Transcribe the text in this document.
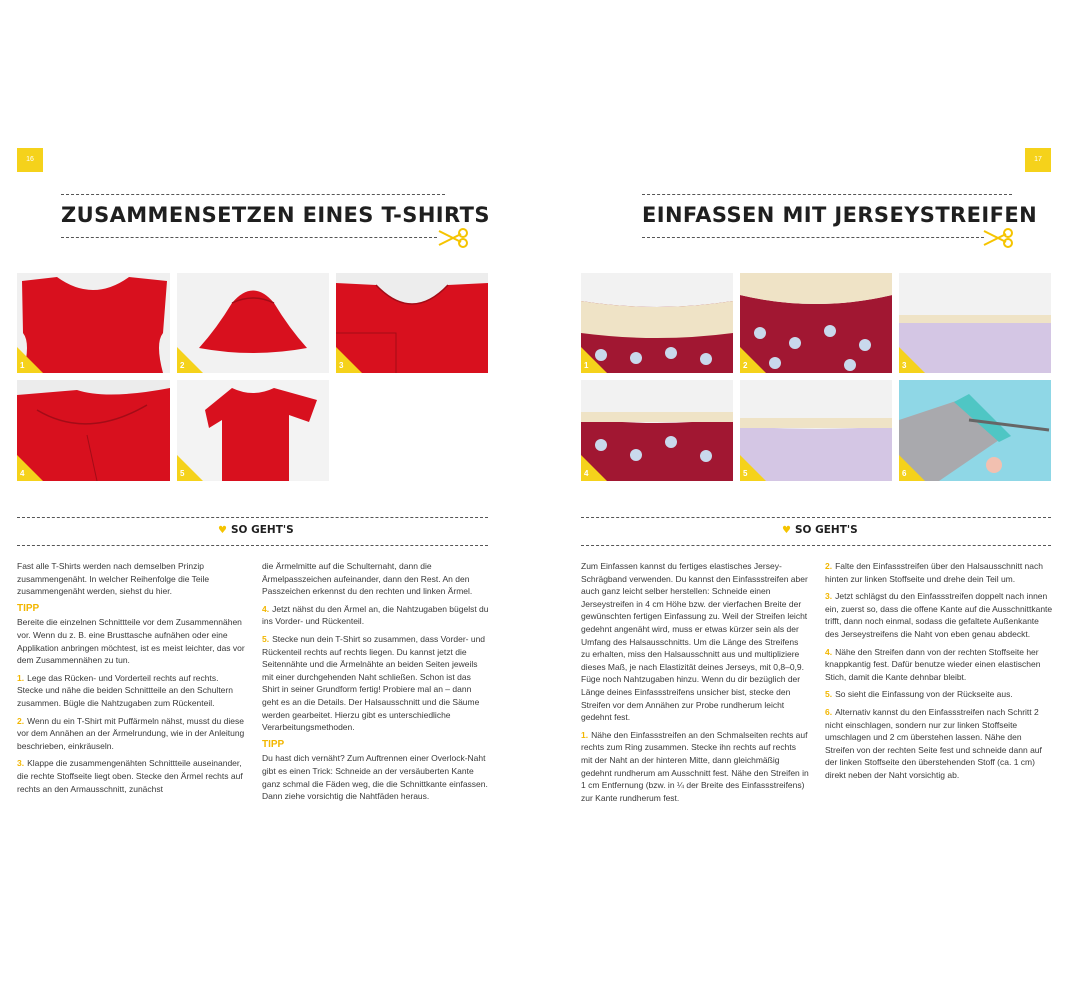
16
ZUSAMMENSETZEN EINES T-SHIRTS
1	2	3
4	5
♥ SO GEHT'S

Fast alle T-Shirts werden nach demselben Prinzip zusammengenäht. In welcher Reihenfolge die Teile zusammengenäht werden, siehst du hier.

TIPP

Bereite die einzelnen Schnittteile vor dem Zusammennähen vor. Wenn du z. B. eine Brusttasche aufnähen oder eine Applikation anbringen möchtest, ist es meist leichter, das vor dem Zusammennähen zu tun.

1. Lege das Rücken- und Vorderteil rechts auf rechts. Stecke und nähe die beiden Schnittteile an den Schultern zusammen. Bügle die Nahtzugaben zum Rückenteil.

2. Wenn du ein T-Shirt mit Puffärmeln nähst, musst du diese vor dem Annähen an der Ärmelrundung, wie in der Anleitung beschrieben, einkräuseln.

3. Klappe die zusammengenähten Schnittteile auseinander, die rechte Stoffseite liegt oben. Stecke den Ärmel rechts auf rechts an den Armausschnitt, zunächst

die Ärmelmitte auf die Schulternaht, dann die Ärmelpasszeichen aufeinander, dann den Rest. An den Passzeichen erkennst du den rechten und linken Ärmel.

4. Jetzt nähst du den Ärmel an, die Nahtzugaben bügelst du ins Vorder- und Rückenteil.

5. Stecke nun dein T-Shirt so zusammen, dass Vorder- und Rückenteil rechts auf rechts liegen. Du kannst jetzt die Seitennähte und die Ärmelnähte an beiden Seiten jeweils mit einer durchgehenden Naht schließen. Schon ist das Shirt in seiner Grundform fertig! Probiere mal an – dann geht es an die Details. Der Halsausschnitt und die Säume werden gearbeitet. Hierzu gibt es unterschiedliche Verarbeitungsmethoden.

TIPP

Du hast dich vernäht? Zum Auftrennen einer Overlock-Naht gibt es einen Trick: Schneide an der versäuberten Kante ganz schmal die Fäden weg, die die Schnittkante einfassen. Dann ziehe vorsichtig die Nahtfäden heraus.

17
EINFASSEN MIT JERSEYSTREIFEN
1	2	3
4	5	6
♥ SO GEHT'S

Zum Einfassen kannst du fertiges elastisches Jersey-Schrägband verwenden. Du kannst den Einfassstreifen aber auch ganz leicht selber herstellen: Schneide einen Jerseystreifen in 4 cm Höhe bzw. der vierfachen Breite der gewünschten fertigen Einfassung zu. Weil der Streifen leicht gedehnt angenäht wird, muss er etwas kürzer sein als der Umfang des Halsausschnitts. Um die Länge des Streifens zu erhalten, miss den Halsausschnitt aus und multipliziere dieses Maß, je nach Elastizität deines Jerseys, mit 0,8–0,9. Füge noch Nahtzugaben hinzu. Wenn du dir bezüglich der Länge deines Einfassstreifens unsicher bist, stecke den Streifen vor dem Annähen zur Probe rundherum leicht gedehnt fest.

1. Nähe den Einfassstreifen an den Schmalseiten rechts auf rechts zum Ring zusammen. Stecke ihn rechts auf rechts mit der Naht an der hinteren Mitte, dann gleichmäßig gedehnt rundherum am Ausschnitt fest. Nähe den Streifen in 1 cm Entfernung (bzw. in ¼ der Breite des Einfassstreifens) zur Kante rundherum fest.

2. Falte den Einfassstreifen über den Halsausschnitt nach hinten zur linken Stoffseite und drehe dein Teil um.

3. Jetzt schlägst du den Einfassstreifen doppelt nach innen ein, zuerst so, dass die offene Kante auf die Ausschnittkante trifft, dann noch einmal, sodass die gefaltete Außenkante des Jerseystreifens die Naht von eben genau abdeckt.

4. Nähe den Streifen dann von der rechten Stoffseite her knappkantig fest. Dafür benutze wieder einen elastischen Stich, damit die Kante dehnbar bleibt.

5. So sieht die Einfassung von der Rückseite aus.

6. Alternativ kannst du den Einfassstreifen nach Schritt 2 nicht einschlagen, sondern nur zur linken Stoffseite umschlagen und 2 cm überstehen lassen. Nähe den Streifen von der rechten Seite fest und schneide dann auf der linken Stoffseite den überstehenden Stoff (ca. 1 cm) direkt neben der Naht vorsichtig ab.
